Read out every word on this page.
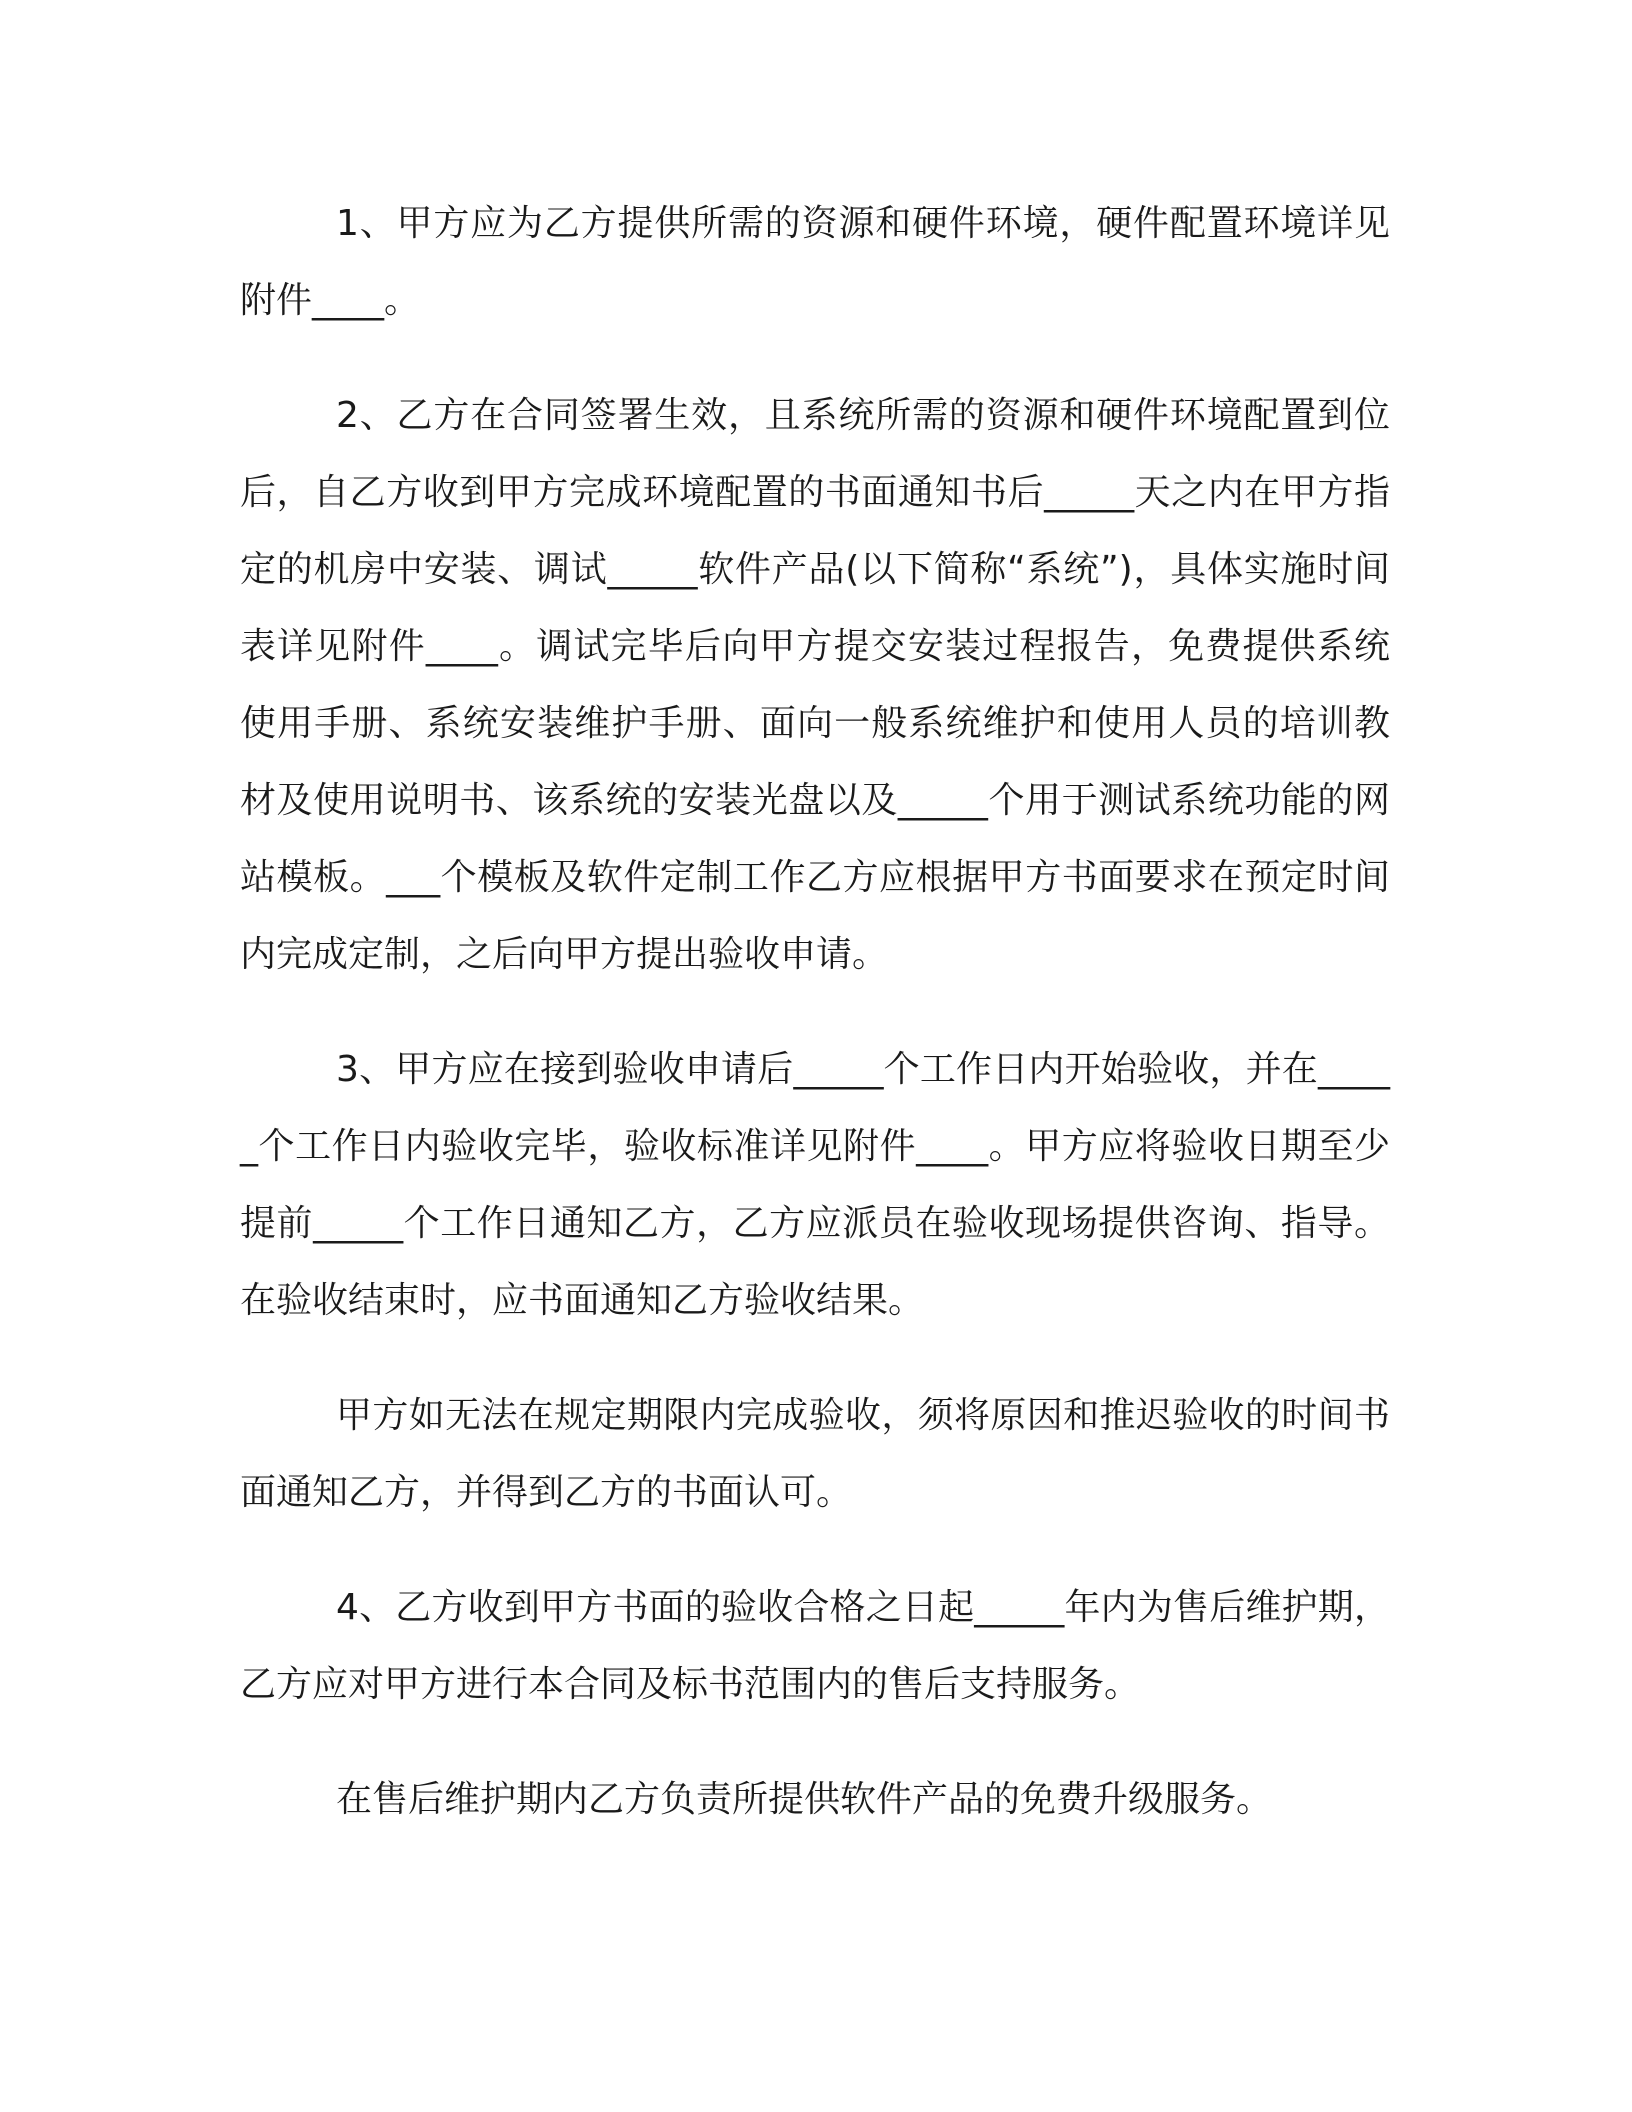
1、甲方应为乙方提供所需的资源和硬件环境，硬件配置环境详见附件____。

2、乙方在合同签署生效，且系统所需的资源和硬件环境配置到位后，自乙方收到甲方完成环境配置的书面通知书后_____天之内在甲方指定的机房中安装、调试_____软件产品(以下简称“系统”)，具体实施时间表详见附件____。调试完毕后向甲方提交安装过程报告，免费提供系统使用手册、系统安装维护手册、面向一般系统维护和使用人员的培训教材及使用说明书、该系统的安装光盘以及_____个用于测试系统功能的网站模板。___个模板及软件定制工作乙方应根据甲方书面要求在预定时间内完成定制，之后向甲方提出验收申请。

3、甲方应在接到验收申请后_____个工作日内开始验收，并在_____个工作日内验收完毕，验收标准详见附件____。甲方应将验收日期至少提前_____个工作日通知乙方，乙方应派员在验收现场提供咨询、指导。在验收结束时，应书面通知乙方验收结果。

甲方如无法在规定期限内完成验收，须将原因和推迟验收的时间书面通知乙方，并得到乙方的书面认可。

4、乙方收到甲方书面的验收合格之日起_____年内为售后维护期，乙方应对甲方进行本合同及标书范围内的售后支持服务。

在售后维护期内乙方负责所提供软件产品的免费升级服务。
